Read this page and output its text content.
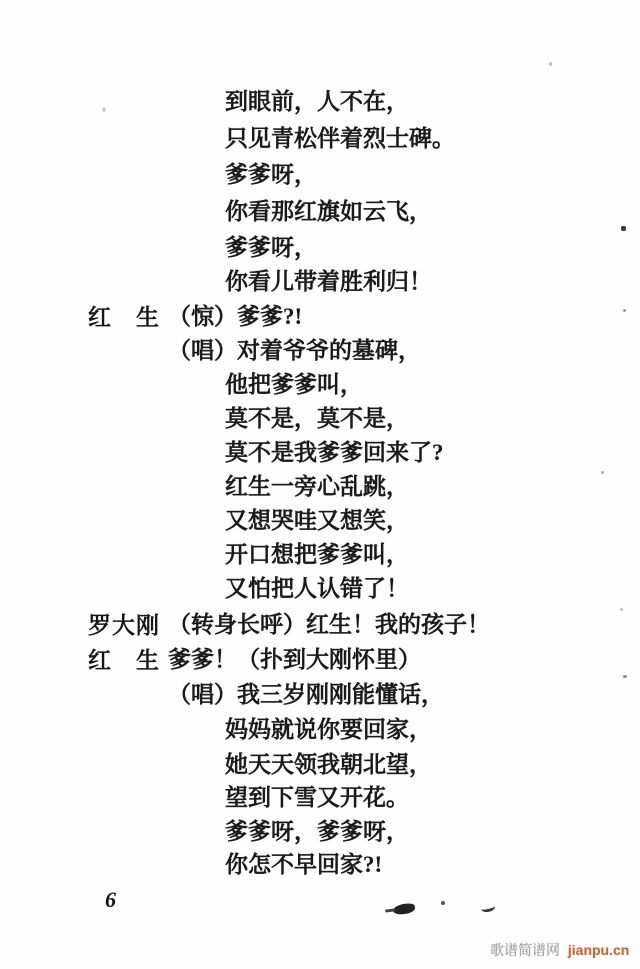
到眼前，人不在，
只见青松伴着烈士碑。
爹爹呀，
你看那红旗如云飞，
爹爹呀，
你看儿带着胜利归！
红　生 （惊）爹爹?!
（唱）对着爷爷的墓碑，
他把爹爹叫，
莫不是，莫不是，
莫不是我爹爹回来了?
红生一旁心乱跳，
又想哭哇又想笑，
开口想把爹爹叫，
又怕把人认错了！
罗大刚 （转身长呼）红生！我的孩子！
红　生 爹爹！（扑到大刚怀里）
（唱）我三岁刚刚能懂话，
妈妈就说你要回家，
她天天领我朝北望，
望到下雪又开花。
爹爹呀，爹爹呀，
你怎不早回家?!
6
歌谱简谱网 jianpu.cn
